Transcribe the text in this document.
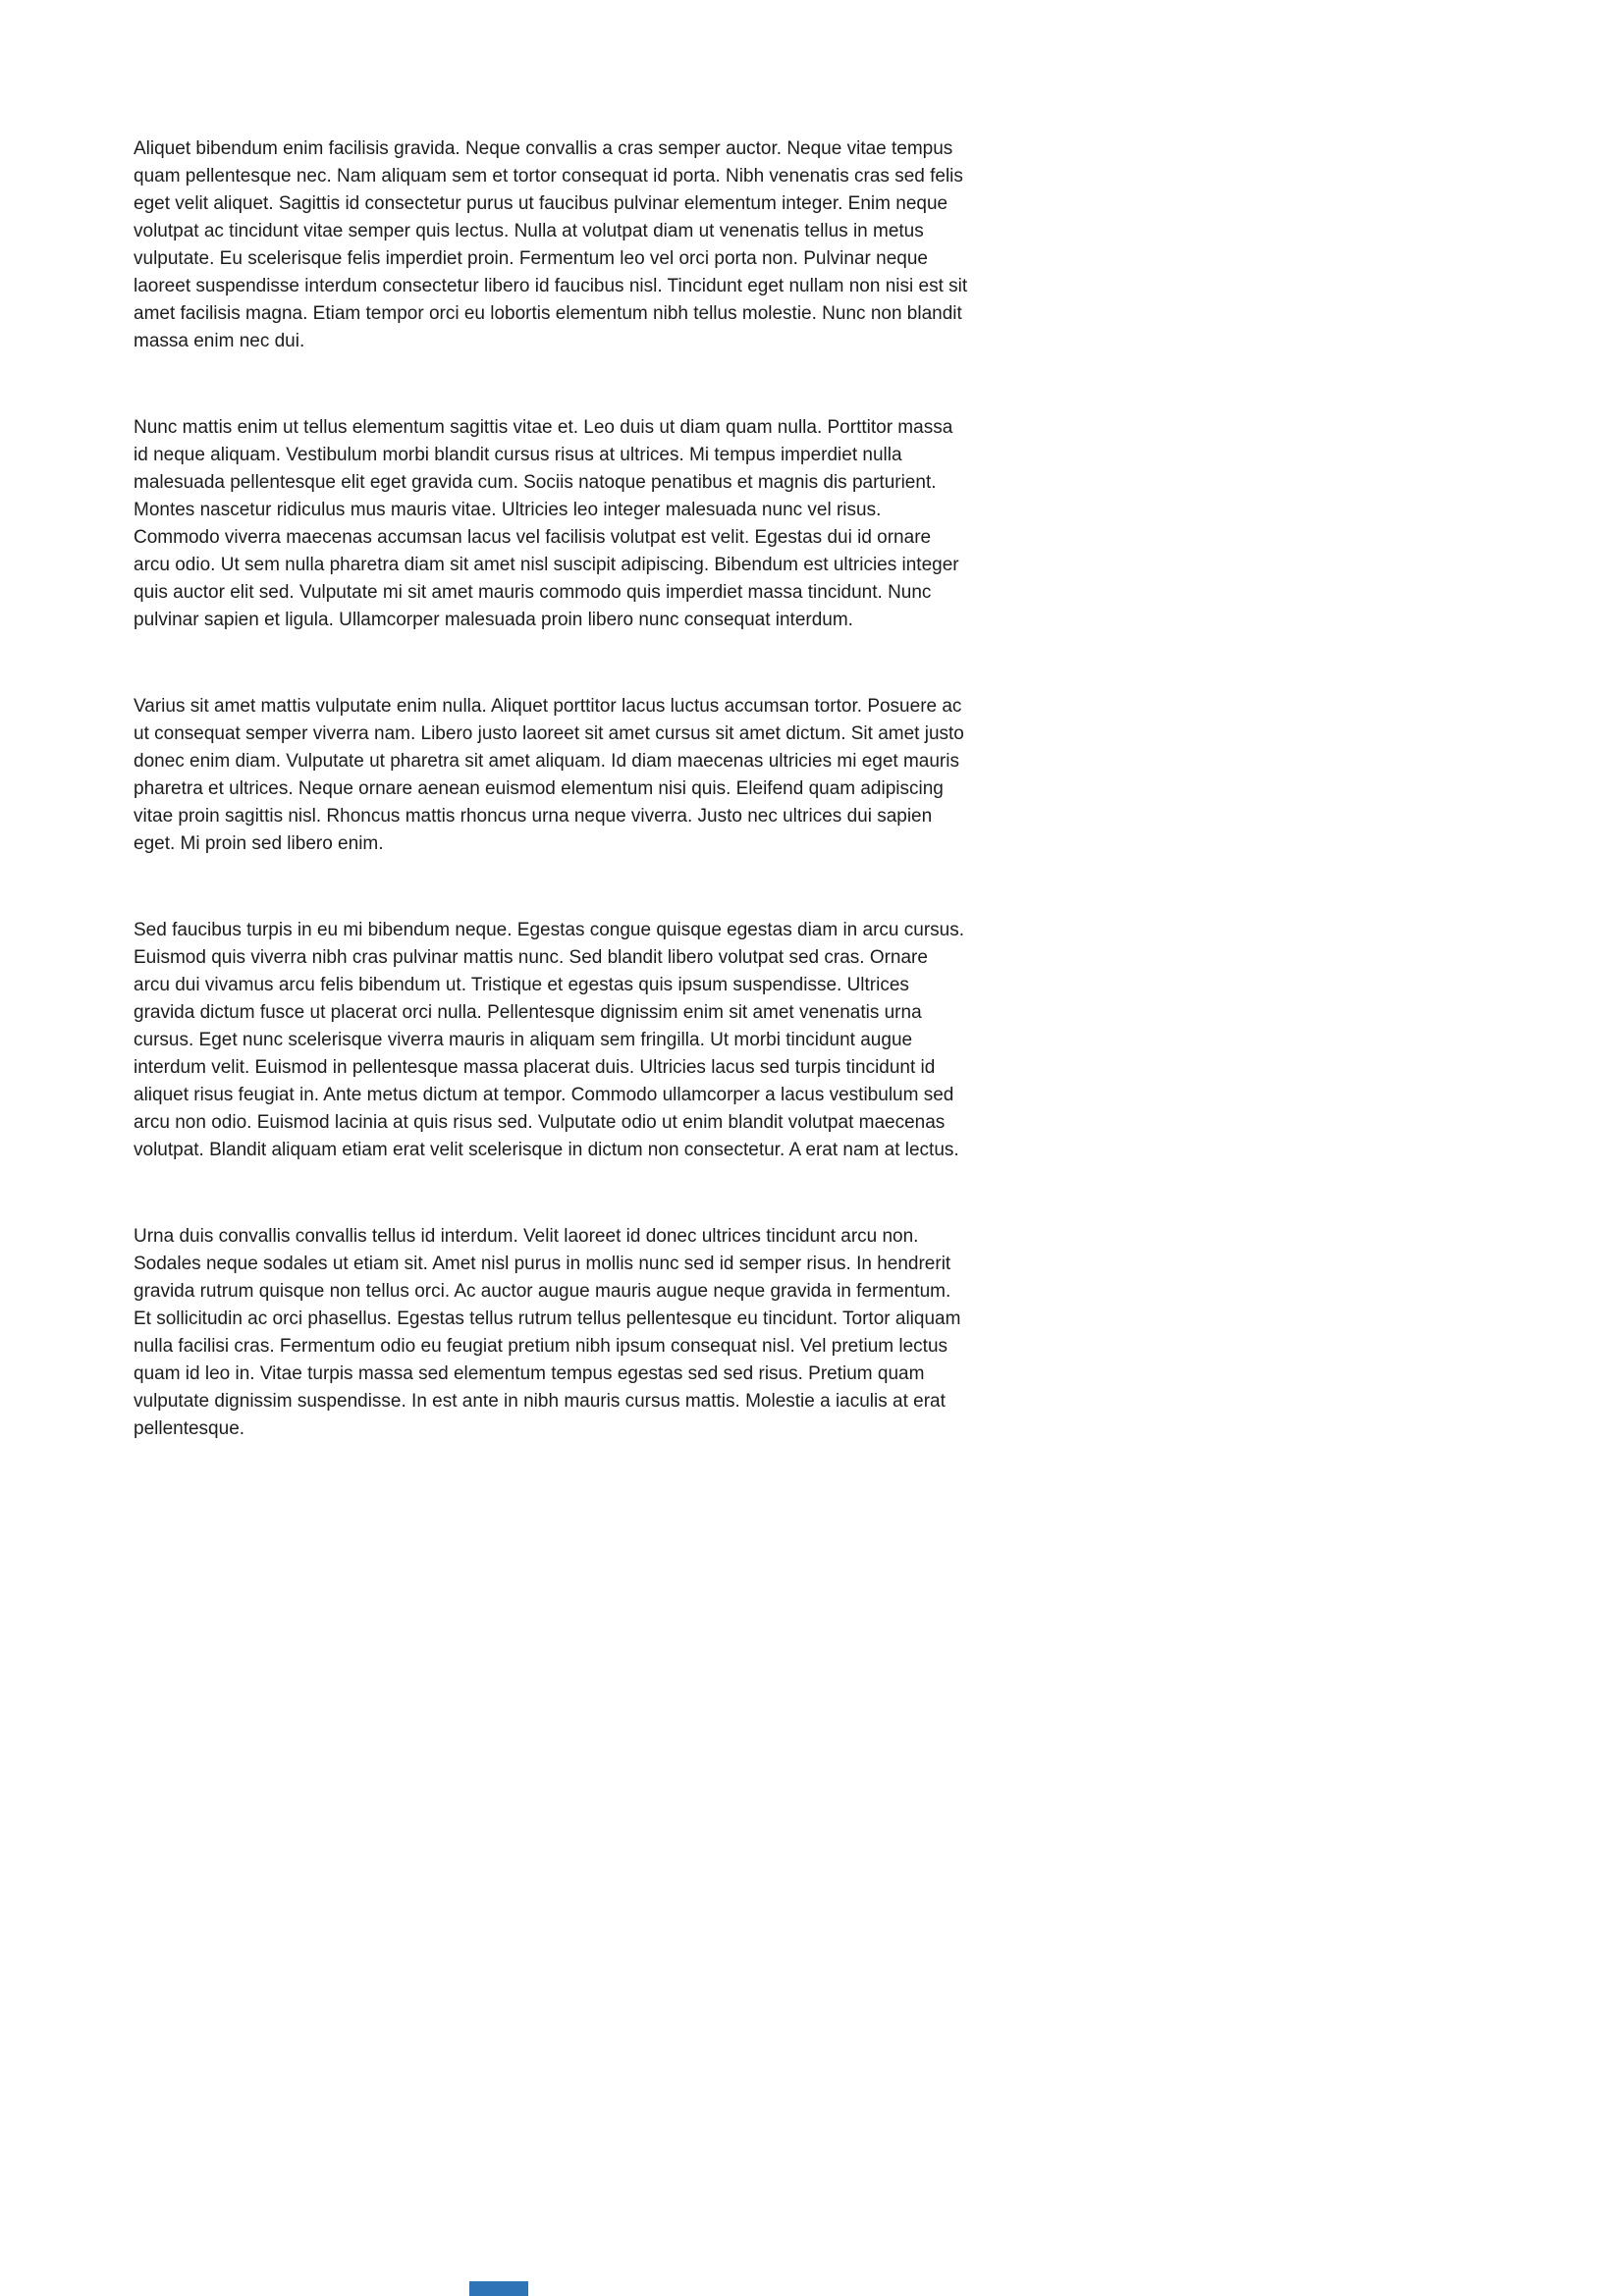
Aliquet bibendum enim facilisis gravida. Neque convallis a cras semper auctor. Neque vitae tempus quam pellentesque nec. Nam aliquam sem et tortor consequat id porta. Nibh venenatis cras sed felis eget velit aliquet. Sagittis id consectetur purus ut faucibus pulvinar elementum integer. Enim neque volutpat ac tincidunt vitae semper quis lectus. Nulla at volutpat diam ut venenatis tellus in metus vulputate. Eu scelerisque felis imperdiet proin. Fermentum leo vel orci porta non. Pulvinar neque laoreet suspendisse interdum consectetur libero id faucibus nisl. Tincidunt eget nullam non nisi est sit amet facilisis magna. Etiam tempor orci eu lobortis elementum nibh tellus molestie. Nunc non blandit massa enim nec dui.

Nunc mattis enim ut tellus elementum sagittis vitae et. Leo duis ut diam quam nulla. Porttitor massa id neque aliquam. Vestibulum morbi blandit cursus risus at ultrices. Mi tempus imperdiet nulla malesuada pellentesque elit eget gravida cum. Sociis natoque penatibus et magnis dis parturient. Montes nascetur ridiculus mus mauris vitae. Ultricies leo integer malesuada nunc vel risus. Commodo viverra maecenas accumsan lacus vel facilisis volutpat est velit. Egestas dui id ornare arcu odio. Ut sem nulla pharetra diam sit amet nisl suscipit adipiscing. Bibendum est ultricies integer quis auctor elit sed. Vulputate mi sit amet mauris commodo quis imperdiet massa tincidunt. Nunc pulvinar sapien et ligula. Ullamcorper malesuada proin libero nunc consequat interdum.

Varius sit amet mattis vulputate enim nulla. Aliquet porttitor lacus luctus accumsan tortor. Posuere ac ut consequat semper viverra nam. Libero justo laoreet sit amet cursus sit amet dictum. Sit amet justo donec enim diam. Vulputate ut pharetra sit amet aliquam. Id diam maecenas ultricies mi eget mauris pharetra et ultrices. Neque ornare aenean euismod elementum nisi quis. Eleifend quam adipiscing vitae proin sagittis nisl. Rhoncus mattis rhoncus urna neque viverra. Justo nec ultrices dui sapien eget. Mi proin sed libero enim.

Sed faucibus turpis in eu mi bibendum neque. Egestas congue quisque egestas diam in arcu cursus. Euismod quis viverra nibh cras pulvinar mattis nunc. Sed blandit libero volutpat sed cras. Ornare arcu dui vivamus arcu felis bibendum ut. Tristique et egestas quis ipsum suspendisse. Ultrices gravida dictum fusce ut placerat orci nulla. Pellentesque dignissim enim sit amet venenatis urna cursus. Eget nunc scelerisque viverra mauris in aliquam sem fringilla. Ut morbi tincidunt augue interdum velit. Euismod in pellentesque massa placerat duis. Ultricies lacus sed turpis tincidunt id aliquet risus feugiat in. Ante metus dictum at tempor. Commodo ullamcorper a lacus vestibulum sed arcu non odio. Euismod lacinia at quis risus sed. Vulputate odio ut enim blandit volutpat maecenas volutpat. Blandit aliquam etiam erat velit scelerisque in dictum non consectetur. A erat nam at lectus.

Urna duis convallis convallis tellus id interdum. Velit laoreet id donec ultrices tincidunt arcu non. Sodales neque sodales ut etiam sit. Amet nisl purus in mollis nunc sed id semper risus. In hendrerit gravida rutrum quisque non tellus orci. Ac auctor augue mauris augue neque gravida in fermentum. Et sollicitudin ac orci phasellus. Egestas tellus rutrum tellus pellentesque eu tincidunt. Tortor aliquam nulla facilisi cras. Fermentum odio eu feugiat pretium nibh ipsum consequat nisl. Vel pretium lectus quam id leo in. Vitae turpis massa sed elementum tempus egestas sed sed risus. Pretium quam vulputate dignissim suspendisse. In est ante in nibh mauris cursus mattis. Molestie a iaculis at erat pellentesque.
